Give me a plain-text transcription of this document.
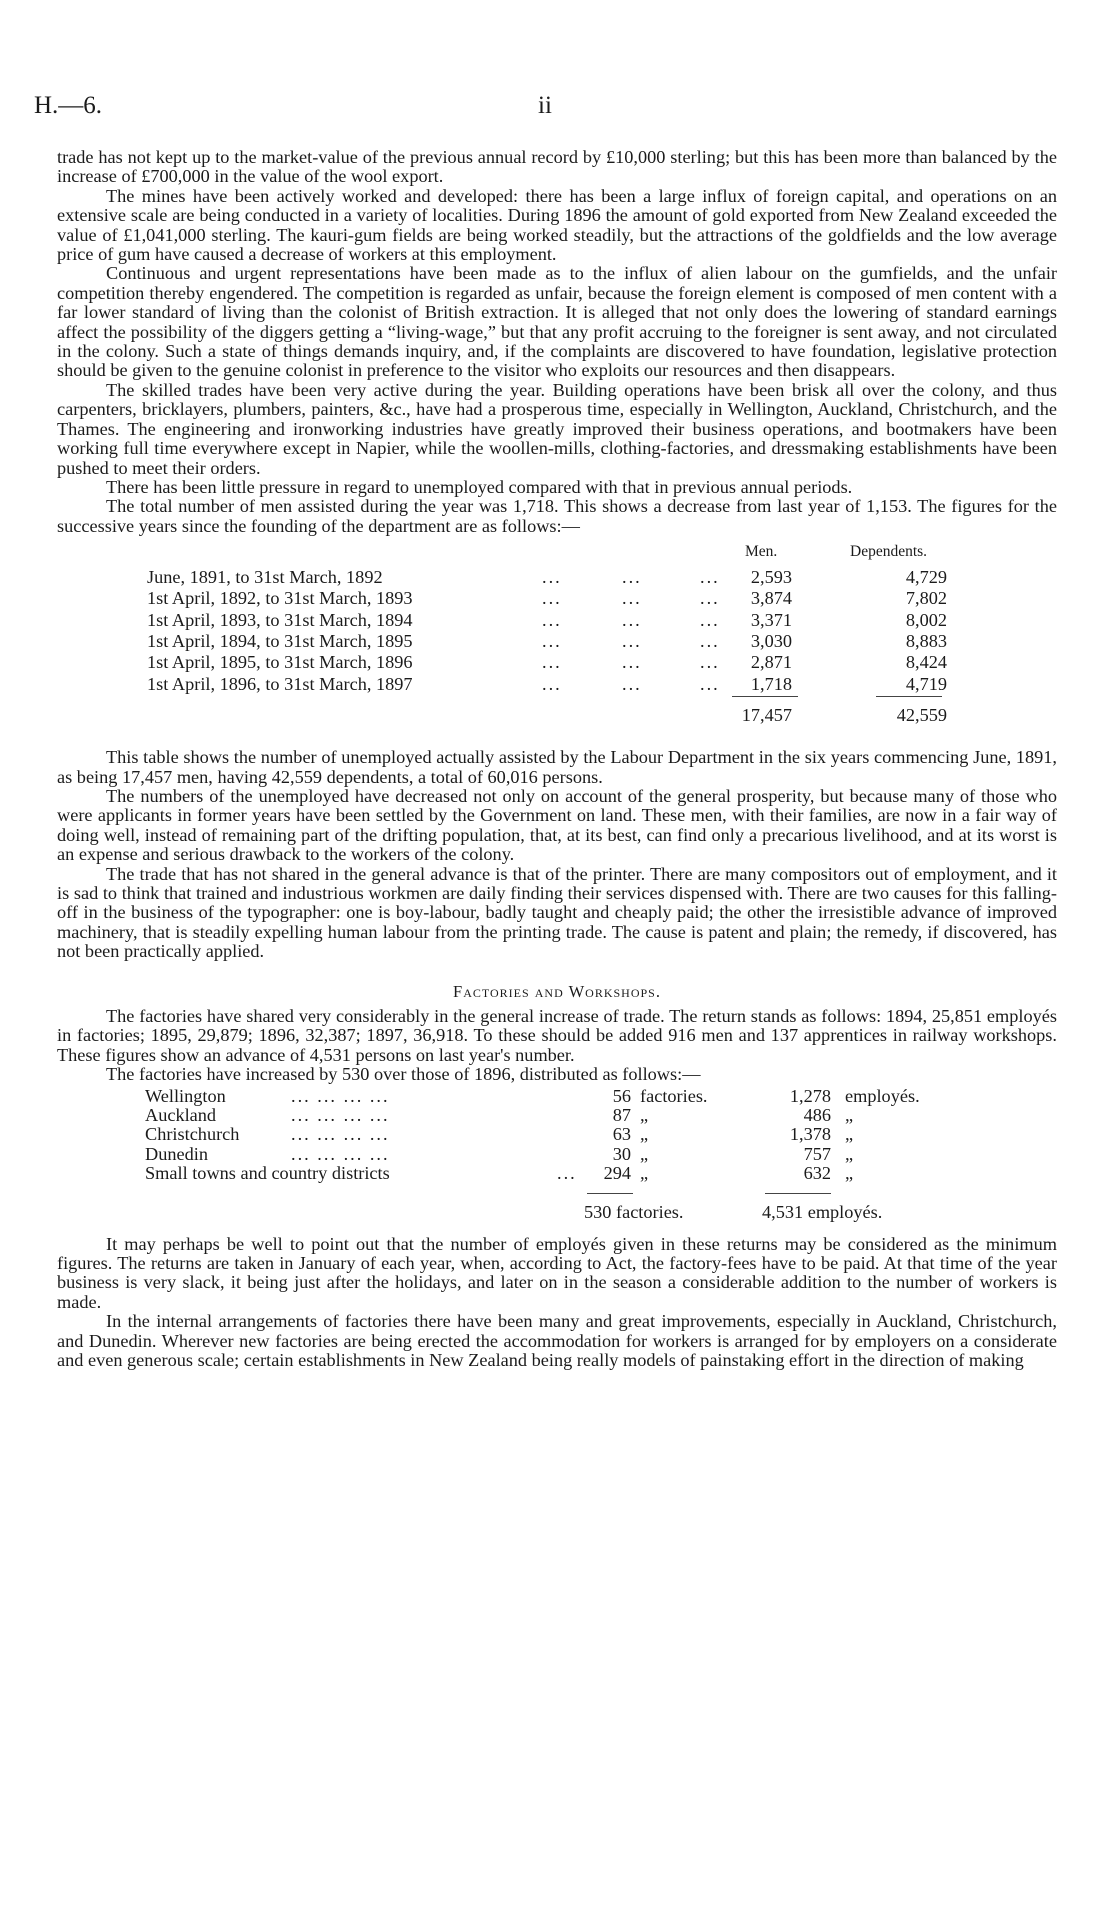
H.—6.	ii

trade has not kept up to the market-value of the previous annual record by £10,000 sterling; but this has been more than balanced by the increase of £700,000 in the value of the wool export.

The mines have been actively worked and developed: there has been a large influx of foreign capital, and operations on an extensive scale are being conducted in a variety of localities. During 1896 the amount of gold exported from New Zealand exceeded the value of £1,041,000 sterling. The kauri-gum fields are being worked steadily, but the attractions of the goldfields and the low average price of gum have caused a decrease of workers at this employment.

Continuous and urgent representations have been made as to the influx of alien labour on the gumfields, and the unfair competition thereby engendered. The competition is regarded as unfair, because the foreign element is composed of men content with a far lower standard of living than the colonist of British extraction. It is alleged that not only does the lowering of standard earnings affect the possibility of the diggers getting a “living-wage,” but that any profit accruing to the foreigner is sent away, and not circulated in the colony. Such a state of things demands inquiry, and, if the complaints are discovered to have foundation, legislative protection should be given to the genuine colonist in preference to the visitor who exploits our resources and then disappears.

The skilled trades have been very active during the year. Building operations have been brisk all over the colony, and thus carpenters, bricklayers, plumbers, painters, &c., have had a prosperous time, especially in Wellington, Auckland, Christchurch, and the Thames. The engineering and ironworking industries have greatly improved their business operations, and bootmakers have been working full time everywhere except in Napier, while the woollen-mills, clothing-factories, and dressmaking establishments have been pushed to meet their orders.

There has been little pressure in regard to unemployed compared with that in previous annual periods.

The total number of men assisted during the year was 1,718. This shows a decrease from last year of 1,153. The figures for the successive years since the founding of the department are as follows:—

Men.	Dependents.
June, 1891, to 31st March, 1892	...	...	...	2,593	4,729
1st April, 1892, to 31st March, 1893	...	...	...	3,874	7,802
1st April, 1893, to 31st March, 1894	...	...	...	3,371	8,002
1st April, 1894, to 31st March, 1895	...	...	...	3,030	8,883
1st April, 1895, to 31st March, 1896	...	...	...	2,871	8,424
1st April, 1896, to 31st March, 1897	...	...	...	1,718	4,719
17,457	42,559

This table shows the number of unemployed actually assisted by the Labour Department in the six years commencing June, 1891, as being 17,457 men, having 42,559 dependents, a total of 60,016 persons.

The numbers of the unemployed have decreased not only on account of the general prosperity, but because many of those who were applicants in former years have been settled by the Government on land. These men, with their families, are now in a fair way of doing well, instead of remaining part of the drifting population, that, at its best, can find only a precarious livelihood, and at its worst is an expense and serious drawback to the workers of the colony.

The trade that has not shared in the general advance is that of the printer. There are many compositors out of employment, and it is sad to think that trained and industrious workmen are daily finding their services dispensed with. There are two causes for this falling-off in the business of the typographer: one is boy-labour, badly taught and cheaply paid; the other the irresistible advance of improved machinery, that is steadily expelling human labour from the printing trade. The cause is patent and plain; the remedy, if discovered, has not been practically applied.

Factories and Workshops.

The factories have shared very considerably in the general increase of trade. The return stands as follows: 1894, 25,851 employés in factories; 1895, 29,879; 1896, 32,387; 1897, 36,918. To these should be added 916 men and 137 apprentices in railway workshops. These figures show an advance of 4,531 persons on last year's number.

The factories have increased by 530 over those of 1896, distributed as follows:—

Wellington	... ... ... ...	56 factories.	1,278 employés.
Auckland	... ... ... ...	87 „	486 „
Christchurch	... ... ... ...	63 „	1,378 „
Dunedin	... ... ... ...	30 „	757 „
Small towns and country districts	...	294 „	632 „
530 factories.	4,531 employés.

It may perhaps be well to point out that the number of employés given in these returns may be considered as the minimum figures. The returns are taken in January of each year, when, according to Act, the factory-fees have to be paid. At that time of the year business is very slack, it being just after the holidays, and later on in the season a considerable addition to the number of workers is made.

In the internal arrangements of factories there have been many and great improvements, especially in Auckland, Christchurch, and Dunedin. Wherever new factories are being erected the accommodation for workers is arranged for by employers on a considerate and even generous scale; certain establishments in New Zealand being really models of painstaking effort in the direction of making
